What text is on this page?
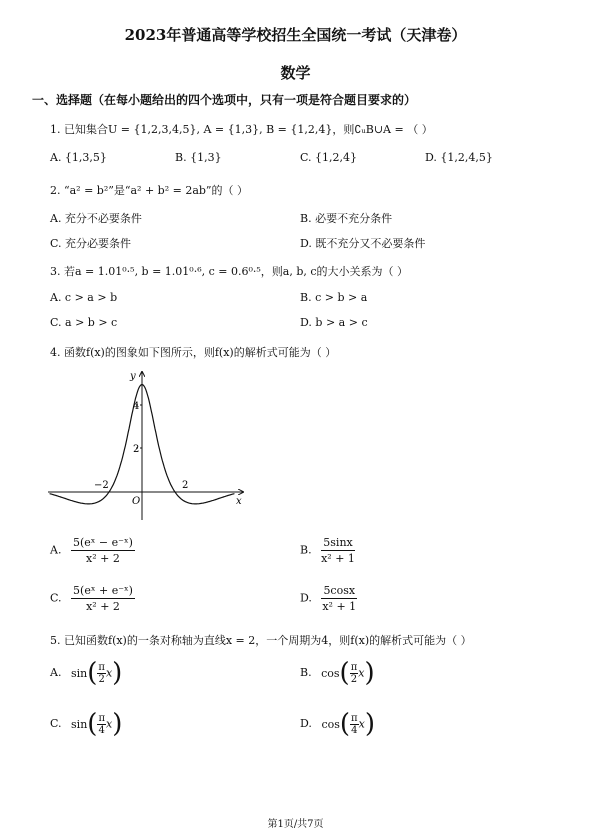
2023年普通高等学校招生全国统一考试（天津卷）
数学
一、选择题（在每小题给出的四个选项中，只有一项是符合题目要求的）
1. 已知集合U = {1,2,3,4,5}, A = {1,3}, B = {1,2,4}，则∁ᵤB∪A = （ ）
A. {1,3,5}	B. {1,3}	C. {1,2,4}	D. {1,2,4,5}
2. “a² = b²”是“a² + b² = 2ab”的（ ）
A. 充分不必要条件	B. 必要不充分条件
C. 充分必要条件	D. 既不充分又不必要条件
3. 若a = 1.01⁰·⁵, b = 1.01⁰·⁶, c = 0.6⁰·⁵，则a, b, c的大小关系为（ ）
A. c > a > b	B. c > b > a
C. a > b > c	D. b > a > c
4. 函数f(x)的图象如下图所示，则f(x)的解析式可能为（ ）
y
x
O
4
2
−2	2
A. $\frac{\text{5(eˣ − e⁻ˣ)}}{\text{x² + 2}}$	B. $\frac{5\sin x}{\text{x² + 1}}$
C. $\frac{\text{5(eˣ + e⁻ˣ)}}{\text{x² + 2}}$	D. $\frac{5\cos x}{\text{x² + 1}}$
5. 已知函数f(x)的一条对称轴为直线x = 2，一个周期为4，则f(x)的解析式可能为（ ）
A. $\sin( \frac{\pi}{2} x)$	B. $\cos( \frac{\pi}{2} x)$
C. $\sin( \frac{\pi}{4} x)$	D. $\cos( \frac{\pi}{4} x)$
第1页/共7页
